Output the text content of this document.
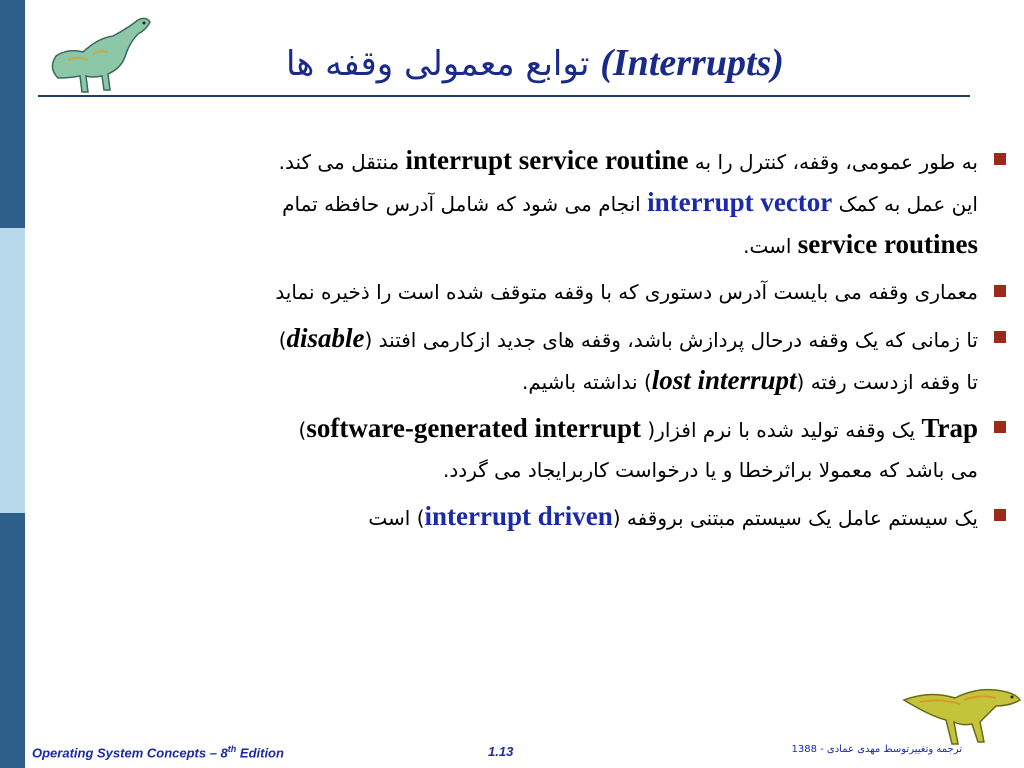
توابع معمولی وقفه ها (Interrupts)
به طور عمومی، وقفه، کنترل را به interrupt service routine منتقل می کند.
این عمل به کمک interrupt vector انجام می شود که شامل آدرس حافظه تمام
service routines است.
معماری وقفه می بایست آدرس دستوری که با وقفه متوقف شده است را ذخیره نماید
تا زمانی که یک وقفه درحال پردازش باشد، وقفه های جدید ازکارمی افتند (disable)
تا وقفه ازدست رفته (lost interrupt) نداشته باشیم.
Trap یک وقفه تولید شده با نرم افزار( software-generated interrupt)
می باشد که معمولا براثرخطا و یا درخواست کاربرایجاد می گردد.
یک سیستم عامل یک سیستم مبتنی بروقفه (interrupt driven) است
Operating System Concepts – 8th Edition	1.13	ترجمه وتغییرتوسط مهدی عمادی - 1388
